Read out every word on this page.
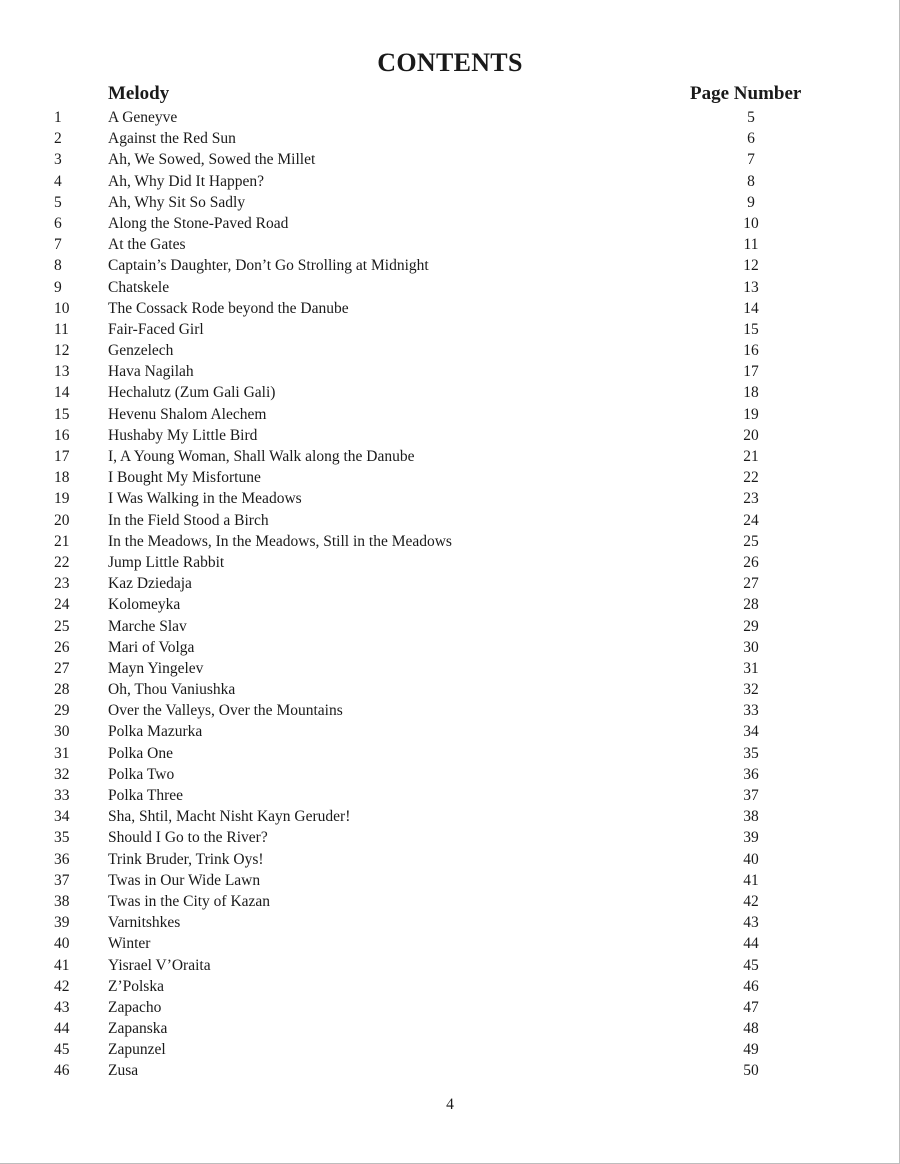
CONTENTS
Melody	Page Number
1	A Geneyve	5
2	Against the Red Sun	6
3	Ah, We Sowed, Sowed the Millet	7
4	Ah, Why Did It Happen?	8
5	Ah, Why Sit So Sadly	9
6	Along the Stone-Paved Road	10
7	At the Gates	11
8	Captain’s Daughter, Don’t Go Strolling at Midnight	12
9	Chatskele	13
10 The Cossack Rode beyond the Danube	14
11	Fair-Faced Girl	15
12 Genzelech	16
13 Hava Nagilah	17
14 Hechalutz (Zum Gali Gali)	18
15 Hevenu Shalom Alechem	19
16 Hushaby My Little Bird	20
17 I, A Young Woman, Shall Walk along the Danube	21
18 I Bought My Misfortune	22
19 I Was Walking in the Meadows	23
20 In the Field Stood a Birch	24
21 In the Meadows, In the Meadows, Still in the Meadows	25
22 Jump Little Rabbit	26
23 Kaz Dziedaja	27
24 Kolomeyka	28
25 Marche Slav	29
26 Mari of Volga	30
27 Mayn Yingelev	31
28 Oh, Thou Vaniushka	32
29 Over the Valleys, Over the Mountains	33
30 Polka Mazurka	34
31 Polka One	35
32 Polka Two	36
33 Polka Three	37
34 Sha, Shtil, Macht Nisht Kayn Geruder!	38
35 Should I Go to the River?	39
36 Trink Bruder, Trink Oys!	40
37 Twas in Our Wide Lawn	41
38 Twas in the City of Kazan	42
39 Varnitshkes	43
40 Winter	44
41 Yisrael V’Oraita	45
42 Z’Polska	46
43 Zapacho	47
44 Zapanska	48
45 Zapunzel	49
46 Zusa	50
4
